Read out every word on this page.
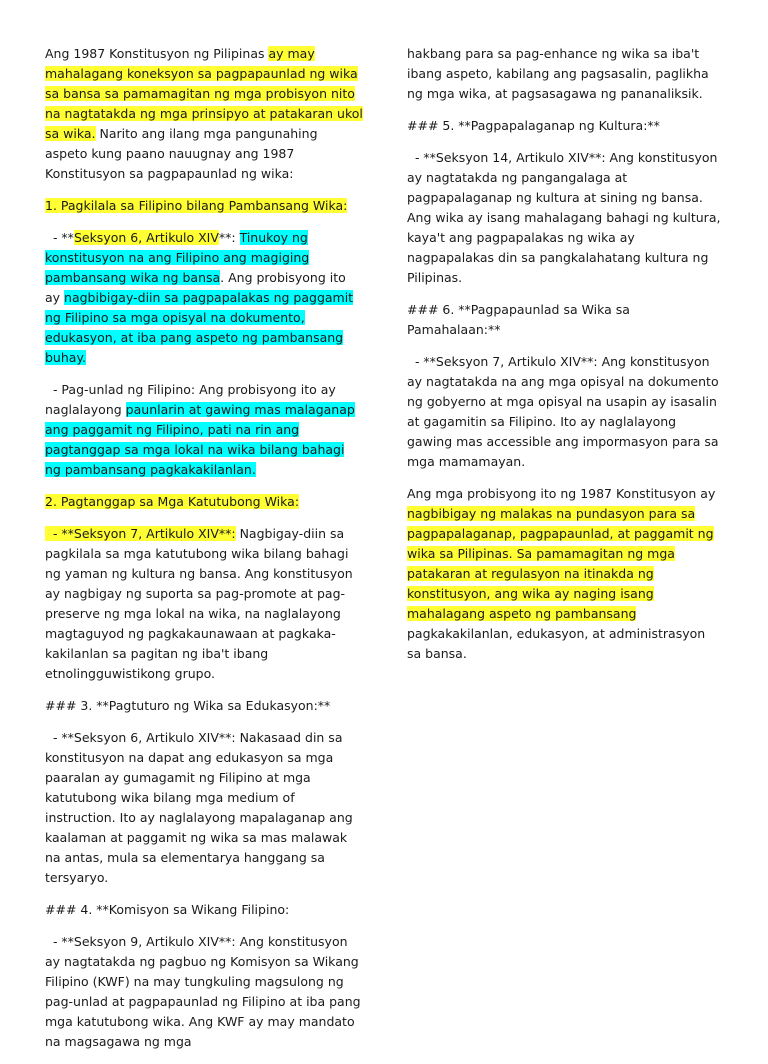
Ang 1987 Konstitusyon ng Pilipinas ay may mahalagang koneksyon sa pagpapaunlad ng wika sa bansa sa pamamagitan ng mga probisyon nito na nagtatakda ng mga prinsipyo at patakaran ukol sa wika. Narito ang ilang mga pangunahing aspeto kung paano nauugnay ang 1987 Konstitusyon sa pagpapaunlad ng wika:

1. Pagkilala sa Filipino bilang Pambansang Wika:

- **Seksyon 6, Artikulo XIV**: Tinukoy ng konstitusyon na ang Filipino ang magiging pambansang wika ng bansa. Ang probisyong ito ay nagbibigay-diin sa pagpapalakas ng paggamit ng Filipino sa mga opisyal na dokumento, edukasyon, at iba pang aspeto ng pambansang buhay.

- Pag-unlad ng Filipino: Ang probisyong ito ay naglalayong paunlarin at gawing mas malaganap ang paggamit ng Filipino, pati na rin ang pagtanggap sa mga lokal na wika bilang bahagi ng pambansang pagkakakilanlan.

2. Pagtanggap sa Mga Katutubong Wika:

- **Seksyon 7, Artikulo XIV**: Nagbigay-diin sa pagkilala sa mga katutubong wika bilang bahagi ng yaman ng kultura ng bansa. Ang konstitusyon ay nagbigay ng suporta sa pag-promote at pag-preserve ng mga lokal na wika, na naglalayong magtaguyod ng pagkakaunawaan at pagkaka-kakilanlan sa pagitan ng iba't ibang etnolingguwistikong grupo.

### 3. **Pagtuturo ng Wika sa Edukasyon:**

- **Seksyon 6, Artikulo XIV**: Nakasaad din sa konstitusyon na dapat ang edukasyon sa mga paaralan ay gumagamit ng Filipino at mga katutubong wika bilang mga medium of instruction. Ito ay naglalayong mapalaganap ang kaalaman at paggamit ng wika sa mas malawak na antas, mula sa elementarya hanggang sa tersyaryo.

### 4. **Komisyon sa Wikang Filipino:

- **Seksyon 9, Artikulo XIV**: Ang konstitusyon ay nagtatakda ng pagbuo ng Komisyon sa Wikang Filipino (KWF) na may tungkuling magsulong ng pag-unlad at pagpapaunlad ng Filipino at iba pang mga katutubong wika. Ang KWF ay may mandato na magsagawa ng mga

hakbang para sa pag-enhance ng wika sa iba't ibang aspeto, kabilang ang pagsasalin, paglikha ng mga wika, at pagsasagawa ng pananaliksik.

### 5. **Pagpapalaganap ng Kultura:**

- **Seksyon 14, Artikulo XIV**: Ang konstitusyon ay nagtatakda ng pangangalaga at pagpapalaganap ng kultura at sining ng bansa. Ang wika ay isang mahalagang bahagi ng kultura, kaya't ang pagpapalakas ng wika ay nagpapalakas din sa pangkalahatang kultura ng Pilipinas.

### 6. **Pagpapaunlad sa Wika sa Pamahalaan:**

- **Seksyon 7, Artikulo XIV**: Ang konstitusyon ay nagtatakda na ang mga opisyal na dokumento ng gobyerno at mga opisyal na usapin ay isasalin at gagamitin sa Filipino. Ito ay naglalayong gawing mas accessible ang impormasyon para sa mga mamamayan.

Ang mga probisyong ito ng 1987 Konstitusyon ay nagbibigay ng malakas na pundasyon para sa pagpapalaganap, pagpapaunlad, at paggamit ng wika sa Pilipinas. Sa pamamagitan ng mga patakaran at regulasyon na itinakda ng konstitusyon, ang wika ay naging isang mahalagang aspeto ng pambansang pagkakakilanlan, edukasyon, at administrasyon sa bansa.
